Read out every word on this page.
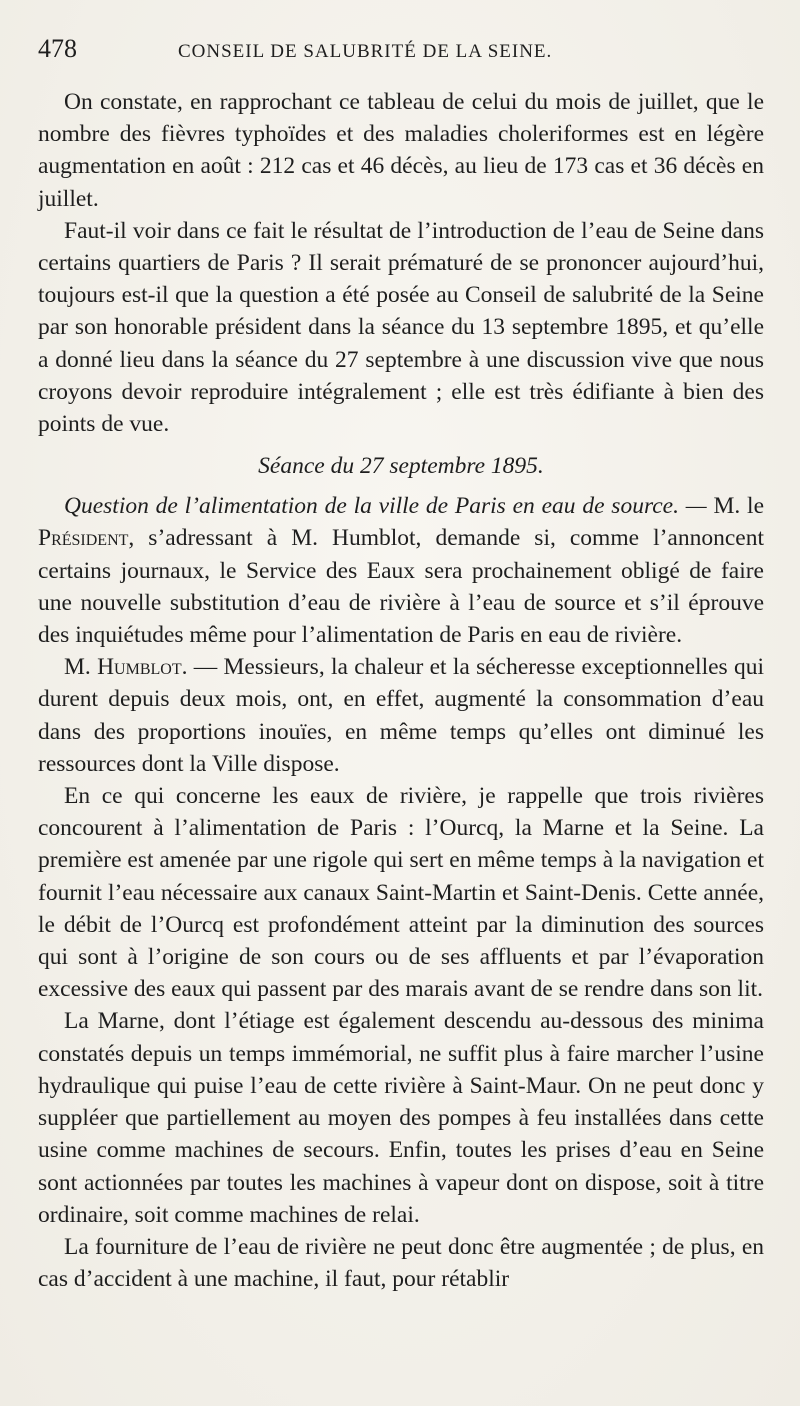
478	CONSEIL DE SALUBRITÉ DE LA SEINE.

On constate, en rapprochant ce tableau de celui du mois de juillet, que le nombre des fièvres typhoïdes et des maladies choleriformes est en légère augmentation en août : 212 cas et 46 décès, au lieu de 173 cas et 36 décès en juillet.

Faut-il voir dans ce fait le résultat de l’introduction de l’eau de Seine dans certains quartiers de Paris ? Il serait prématuré de se prononcer aujourd’hui, toujours est-il que la question a été posée au Conseil de salubrité de la Seine par son honorable président dans la séance du 13 septembre 1895, et qu’elle a donné lieu dans la séance du 27 septembre à une discussion vive que nous croyons devoir reproduire intégralement ; elle est très édifiante à bien des points de vue.

Séance du 27 septembre 1895.

Question de l’alimentation de la ville de Paris en eau de source. — M. le Président, s’adressant à M. Humblot, demande si, comme l’annoncent certains journaux, le Service des Eaux sera prochainement obligé de faire une nouvelle substitution d’eau de rivière à l’eau de source et s’il éprouve des inquiétudes même pour l’alimentation de Paris en eau de rivière.

M. Humblot. — Messieurs, la chaleur et la sécheresse exceptionnelles qui durent depuis deux mois, ont, en effet, augmenté la consommation d’eau dans des proportions inouïes, en même temps qu’elles ont diminué les ressources dont la Ville dispose.

En ce qui concerne les eaux de rivière, je rappelle que trois rivières concourent à l’alimentation de Paris : l’Ourcq, la Marne et la Seine. La première est amenée par une rigole qui sert en même temps à la navigation et fournit l’eau nécessaire aux canaux Saint-Martin et Saint-Denis. Cette année, le débit de l’Ourcq est profondément atteint par la diminution des sources qui sont à l’origine de son cours ou de ses affluents et par l’évaporation excessive des eaux qui passent par des marais avant de se rendre dans son lit.

La Marne, dont l’étiage est également descendu au-dessous des minima constatés depuis un temps immémorial, ne suffit plus à faire marcher l’usine hydraulique qui puise l’eau de cette rivière à Saint-Maur. On ne peut donc y suppléer que partiellement au moyen des pompes à feu installées dans cette usine comme machines de secours. Enfin, toutes les prises d’eau en Seine sont actionnées par toutes les machines à vapeur dont on dispose, soit à titre ordinaire, soit comme machines de relai.

La fourniture de l’eau de rivière ne peut donc être augmentée ; de plus, en cas d’accident à une machine, il faut, pour rétablir
